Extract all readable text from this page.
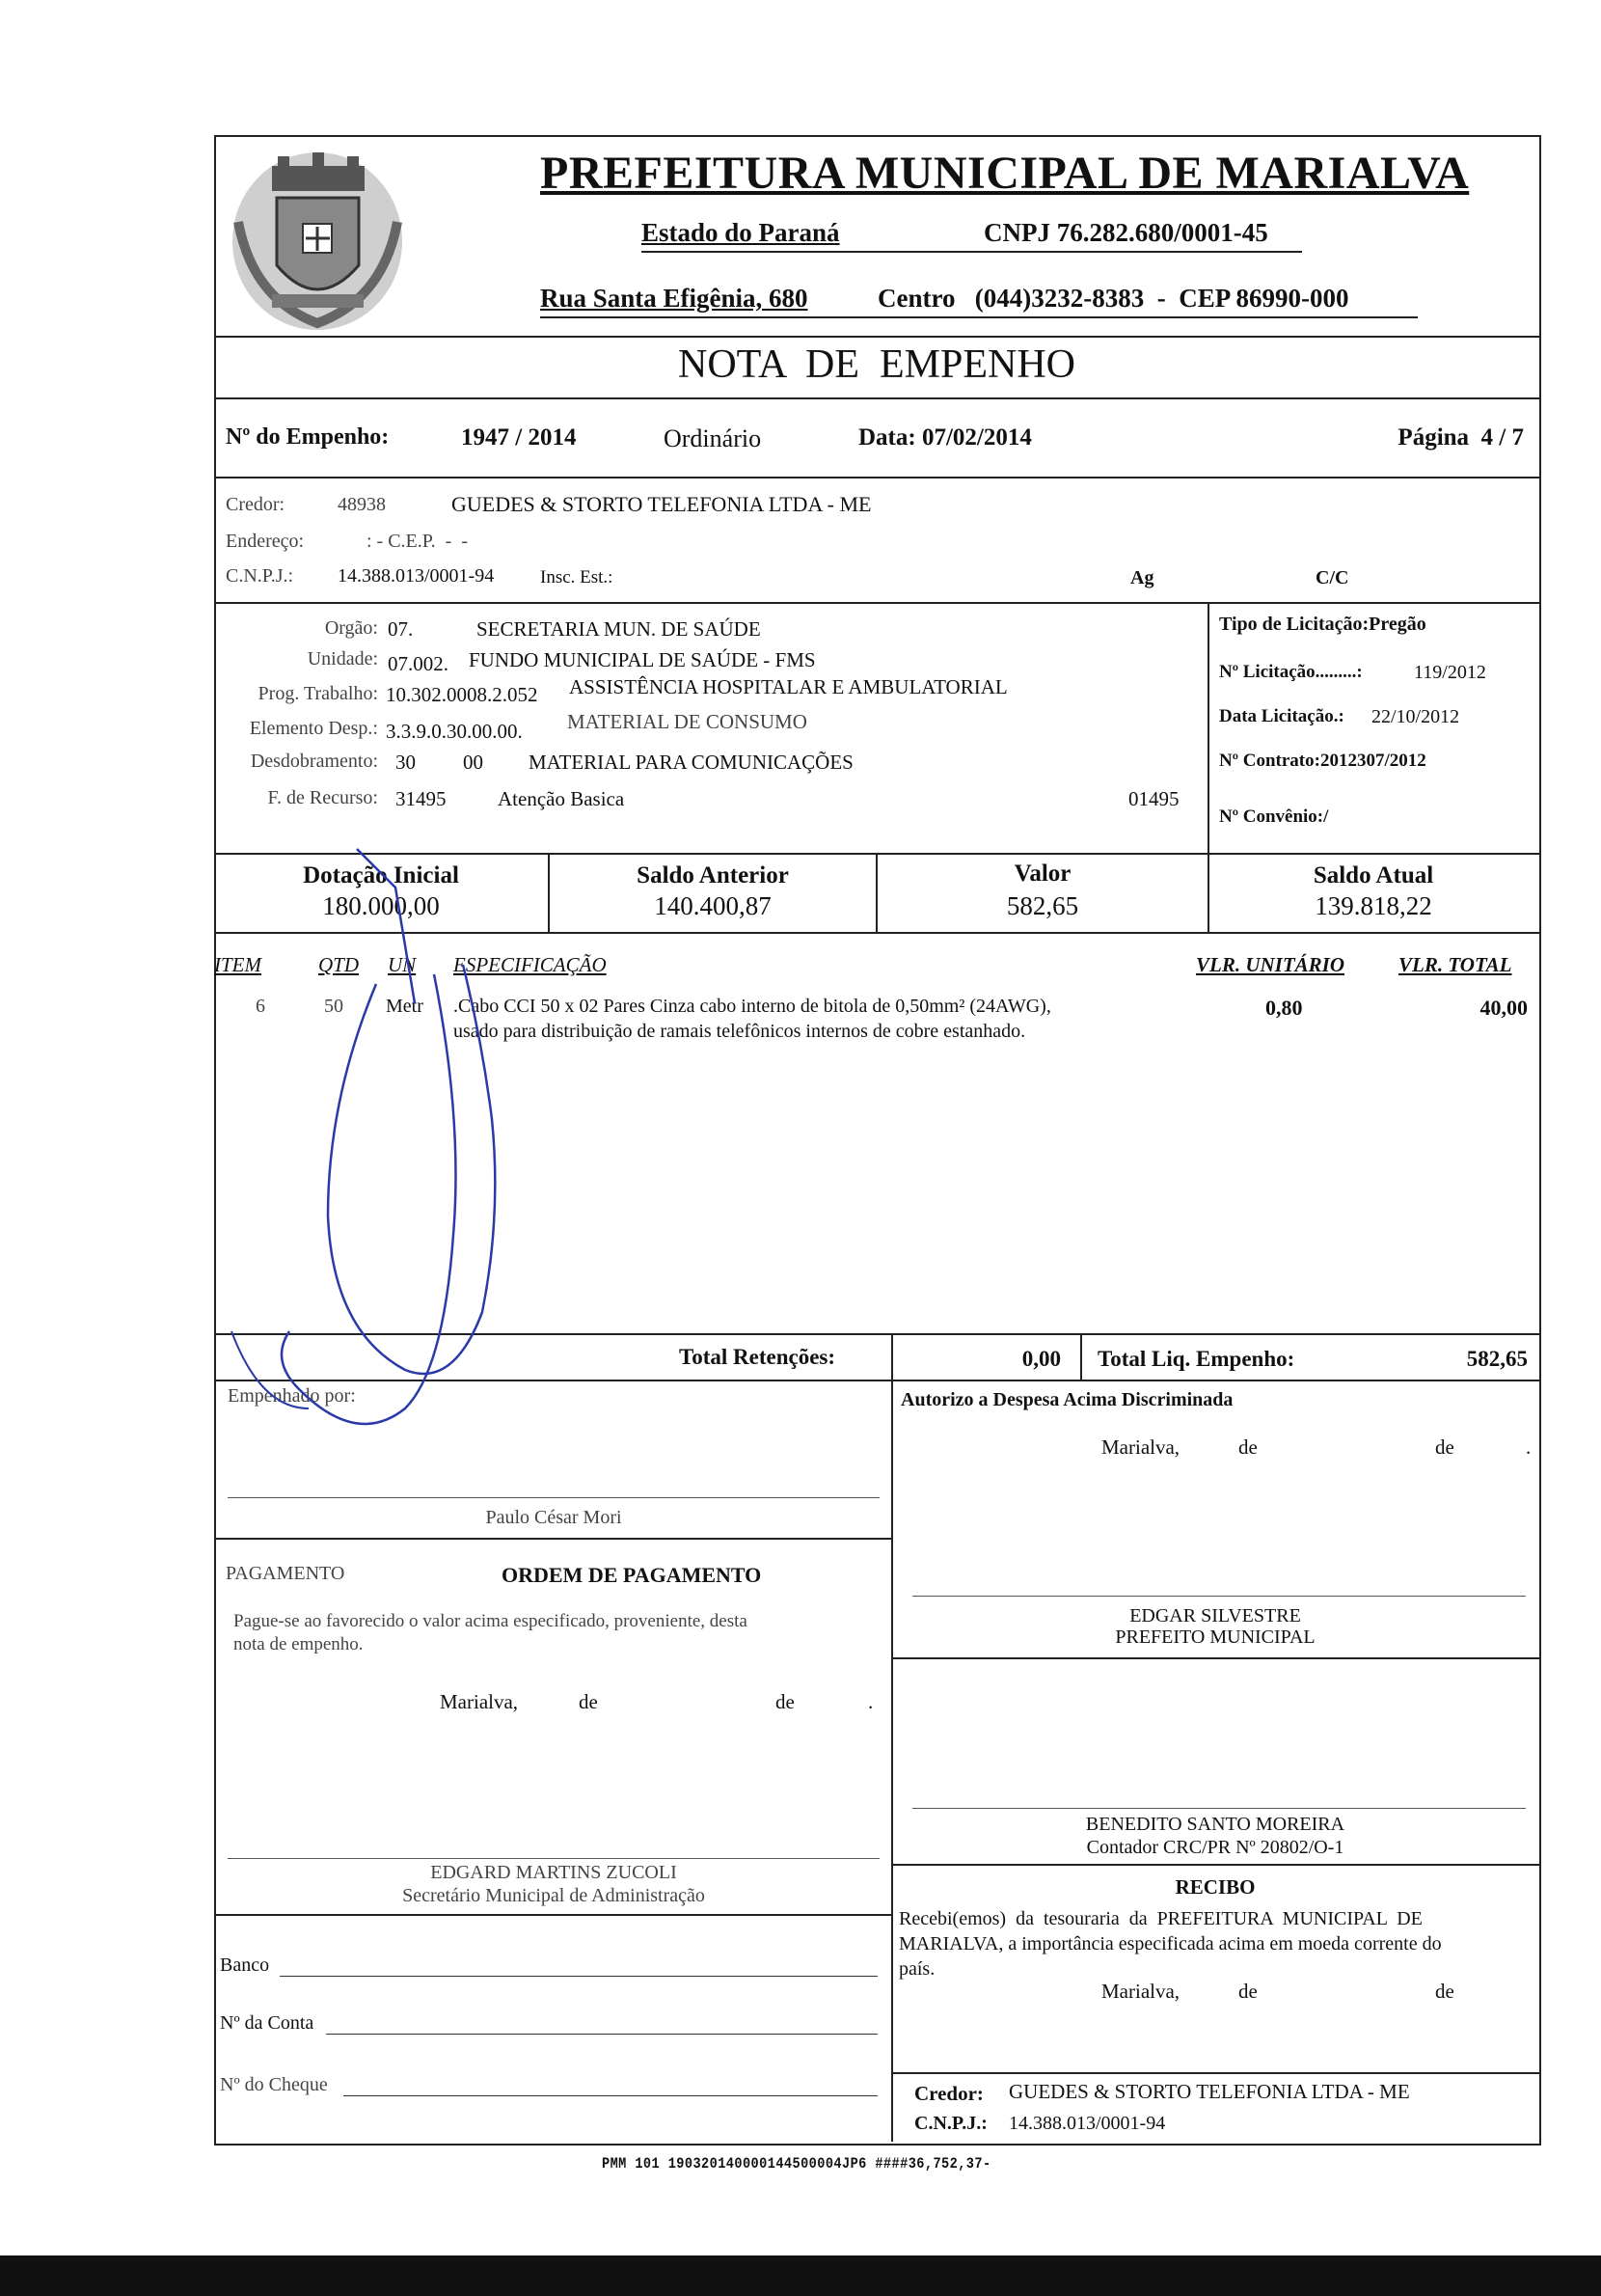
PREFEITURA MUNICIPAL DE MARIALVA
Estado do Paraná	CNPJ 76.282.680/0001-45
Rua Santa Efigênia, 680	Centro   (044)3232-8383  -  CEP 86990-000
NOTA  DE  EMPENHO
Nº do Empenho:	1947 / 2014	Ordinário	Data: 07/02/2014	Página  4 / 7
Credor:	48938	GUEDES & STORTO TELEFONIA LTDA - ME
Endereço:	: - C.E.P.  -  -
C.N.P.J.: 14.388.013/0001-94	Insc. Est.:	Ag	C/C
Orgão: 07.	SECRETARIA MUN. DE SAÚDE
Unidade: 07.002. FUNDO MUNICIPAL DE SAÚDE - FMS
Prog. Trabalho: 10.302.0008.2.052 ASSISTÊNCIA HOSPITALAR E AMBULATORIAL
Elemento Desp.: 3.3.9.0.30.00.00. MATERIAL DE CONSUMO
Desdobramento: 30 00 MATERIAL PARA COMUNICAÇÕES
F. de Recurso: 31495	Atenção Basica	01495
Tipo de Licitação:Pregão
Nº Licitação.........:	119/2012
Data Licitação.: 22/10/2012
Nº Contrato:2012307/2012
Nº Convênio:/
Dotação Inicial
180.000,00
Saldo Anterior
140.400,87
Valor
582,65
Saldo Atual
139.818,22
ITEM	QTD UN ESPECIFICAÇÃO	VLR. UNITÁRIO	VLR. TOTAL
6	50 Metr .Cabo CCI 50 x 02 Pares Cinza cabo interno de bitola de 0,50mm² (24AWG),
usado para distribuição de ramais telefônicos internos de cobre estanhado.
0,80	40,00
Total Retenções:	0,00 Total Liq. Empenho:	582,65
Empenhado por:
Paulo César Mori
PAGAMENTO	ORDEM DE PAGAMENTO
Pague-se ao favorecido o valor acima especificado, proveniente, desta
nota de empenho.
Marialva,	de	de	.
EDGARD MARTINS ZUCOLI
Secretário Municipal de Administração
Banco
Nº da Conta
Nº do Cheque
Autorizo a Despesa Acima Discriminada
Marialva,	de	de	.
EDGAR SILVESTRE
PREFEITO MUNICIPAL
BENEDITO SANTO MOREIRA
Contador CRC/PR Nº 20802/O-1
RECIBO
Recebi(emos)  da  tesouraria  da  PREFEITURA  MUNICIPAL  DE
MARIALVA, a importância especificada acima em moeda corrente do
país.
Marialva,	de	de
Credor: GUEDES & STORTO TELEFONIA LTDA - ME
C.N.P.J.: 14.388.013/0001-94
PMM 101 190320140000144500004JP6 ####36,752,37-
